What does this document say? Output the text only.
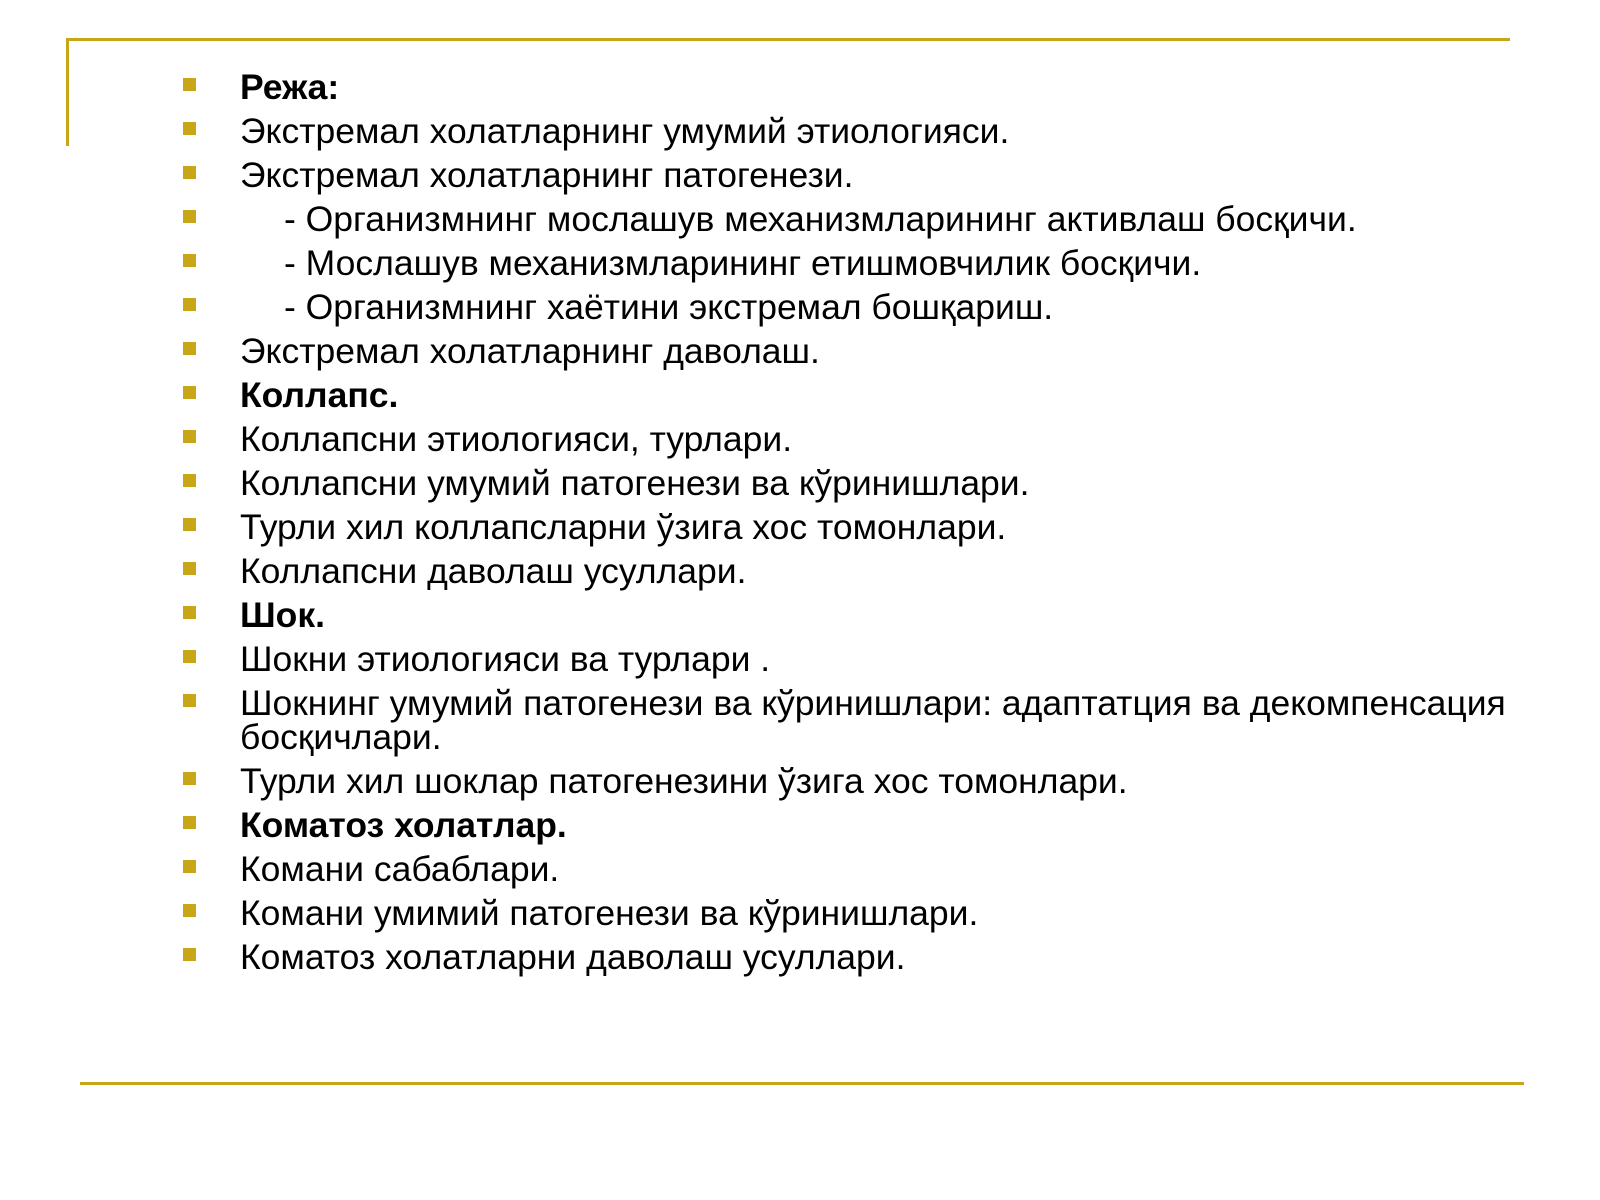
Режа:
Экстремал холатларнинг умумий этиологияси.
Экстремал холатларнинг патогенези.
- Организмнинг мослашув механизмларининг активлаш босқичи.
- Мослашув механизмларининг етишмовчилик босқичи.
- Организмнинг хаётини экстремал бошқариш.
Экстремал холатларнинг даволаш.
Коллапс.
Коллапсни этиологияси, турлари.
Коллапсни умумий патогенези ва кўринишлари.
Турли хил коллапсларни ўзига хос томонлари.
Коллапсни даволаш усуллари.
Шок.
Шокни этиологияси ва турлари .
Шокнинг умумий патогенези ва кўринишлари: адаптатция ва декомпенсация босқичлари.
Турли хил шоклар патогенезини ўзига хос томонлари.
Коматоз холатлар.
Комани сабаблари.
Комани умимий патогенези ва кўринишлари.
Коматоз холатларни даволаш усуллари.
